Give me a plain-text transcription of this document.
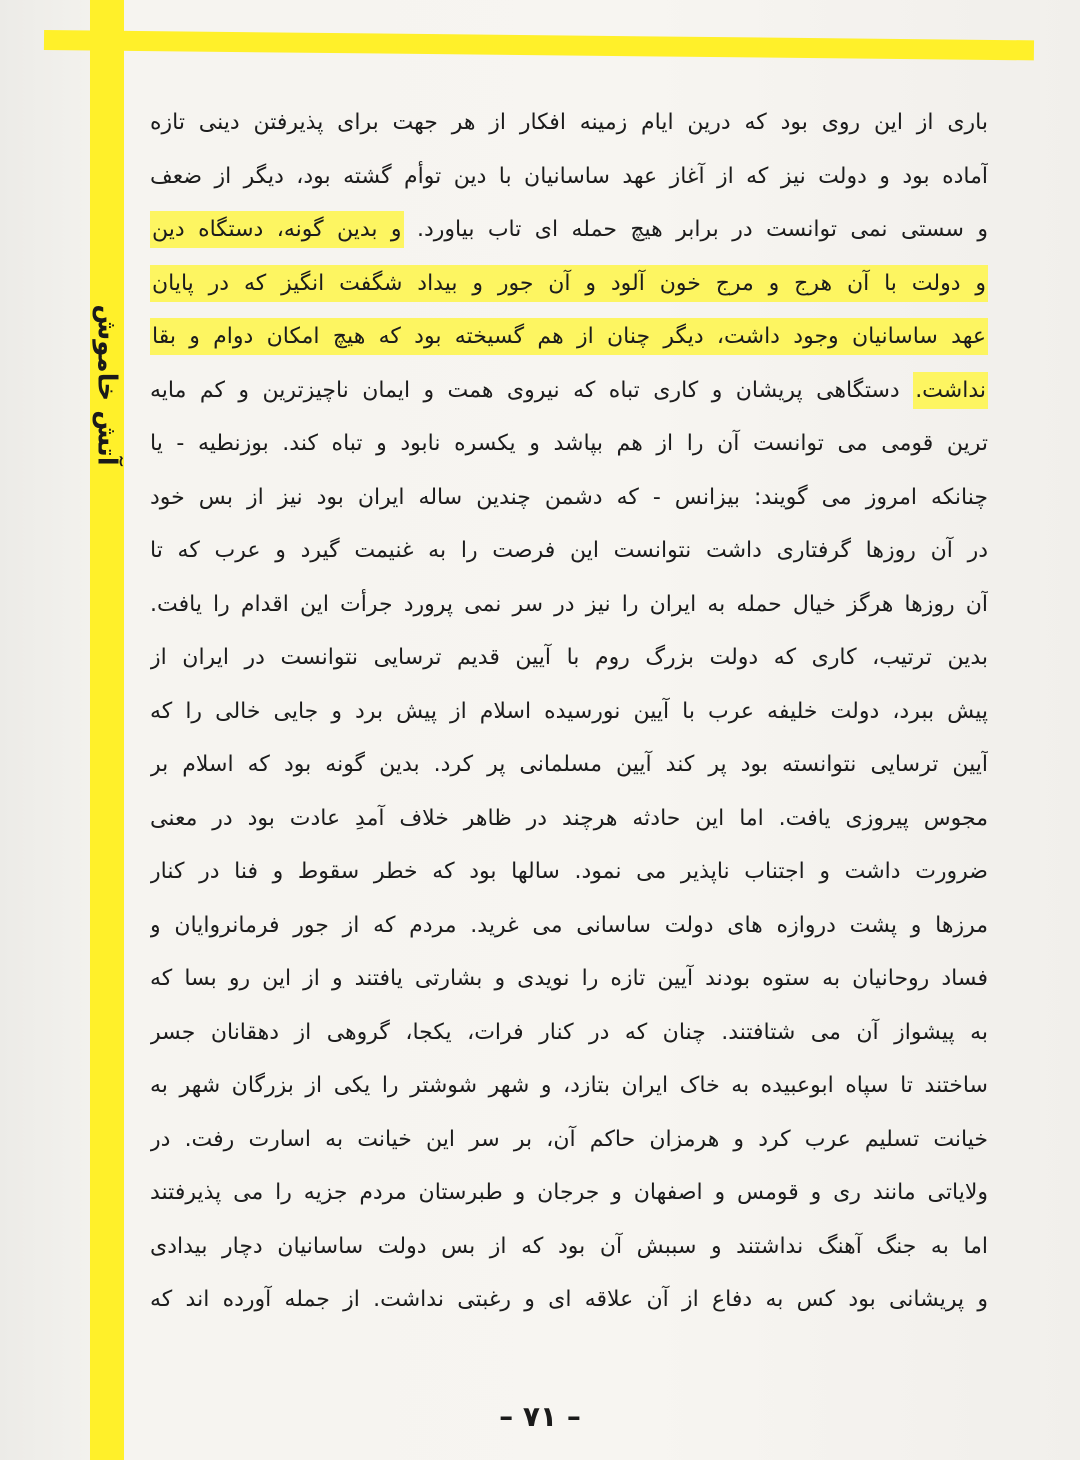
آتش خاموش
باری از این روی بود که درین ایام زمینه افکار از هر جهت برای پذیرفتن دینی تازه
آماده بود و دولت نیز که از آغاز عهد ساسانیان با دین توأم گشته بود، دیگر از ضعف
و سستی نمی توانست در برابر هیچ حمله ای تاب بیاورد. و بدین گونه، دستگاه دین
و دولت با آن هرج و مرج خون آلود و آن جور و بیداد شگفت انگیز که در پایان
عهد ساسانیان وجود داشت، دیگر چنان از هم گسیخته بود که هیچ امکان دوام و بقا
نداشت. دستگاهی پریشان و کاری تباه که نیروی همت و ایمان ناچیزترین و کم مایه
ترین قومی می توانست آن را از هم بپاشد و یکسره نابود و تباه کند. بوزنطیه - یا
چنانکه امروز می گویند: بیزانس - که دشمن چندین ساله ایران بود نیز از بس خود
در آن روزها گرفتاری داشت نتوانست این فرصت را به غنیمت گیرد و عرب که تا
آن روزها هرگز خیال حمله به ایران را نیز در سر نمی پرورد جرأت این اقدام را یافت.
بدین ترتیب، کاری که دولت بزرگ روم با آیین قدیم ترسایی نتوانست در ایران از
پیش ببرد، دولت خلیفه عرب با آیین نورسیده اسلام از پیش برد و جایی خالی را که
آیین ترسایی نتوانسته بود پر کند آیین مسلمانی پر کرد. بدین گونه بود که اسلام بر
مجوس پیروزی یافت. اما این حادثه هرچند در ظاهر خلاف آمدِ عادت بود در معنی
ضرورت داشت و اجتناب ناپذیر می نمود. سالها بود که خطر سقوط و فنا در کنار
مرزها و پشت دروازه های دولت ساسانی می غرید. مردم که از جور فرمانروایان و
فساد روحانیان به ستوه بودند آیین تازه را نویدی و بشارتی یافتند و از این رو بسا که
به پیشواز آن می شتافتند. چنان که در کنار فرات، یکجا، گروهی از دهقانان جسر
ساختند تا سپاه ابوعبیده به خاک ایران بتازد، و شهر شوشتر را یکی از بزرگان شهر به
خیانت تسلیم عرب کرد و هرمزان حاکم آن، بر سر این خیانت به اسارت رفت. در
ولایاتی مانند ری و قومس و اصفهان و جرجان و طبرستان مردم جزیه را می پذیرفتند
اما به جنگ آهنگ نداشتند و سببش آن بود که از بس دولت ساسانیان دچار بیدادی
و پریشانی بود کس به دفاع از آن علاقه ای و رغبتی نداشت. از جمله آورده اند که
– ۷۱ –
